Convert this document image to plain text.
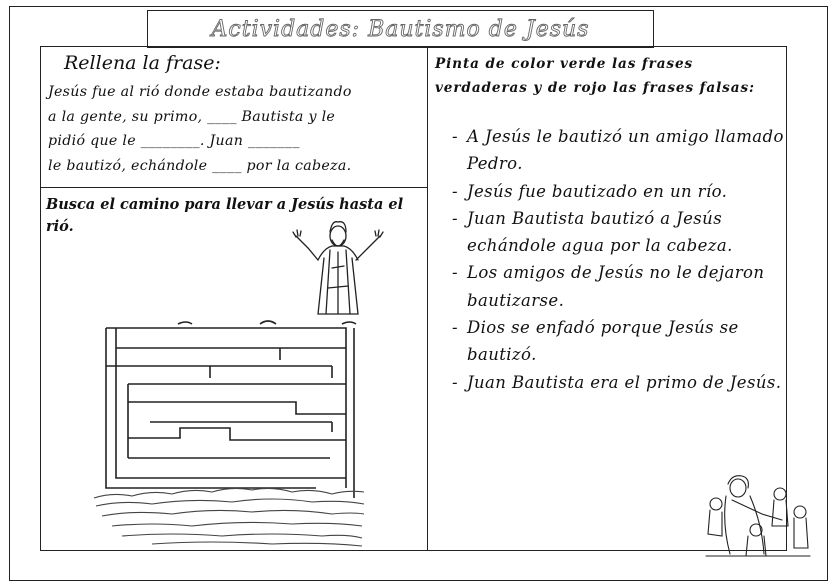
Actividades: Bautismo de Jesús
Rellena la frase:
Jesús fue al rió donde estaba bautizando
a la gente, su primo, ____ Bautista y le
pidió que le ________. Juan _______
le bautizó, echándole ____ por la cabeza.
Busca el camino para llevar a Jesús hasta el rió.
Pinta de color verde las frases verdaderas y de rojo las frases falsas:
- A Jesús le bautizó un amigo llamado Pedro.
- Jesús fue bautizado en un río.
- Juan Bautista bautizó a Jesús echándole agua por la cabeza.
- Los amigos de Jesús no le dejaron bautizarse.
- Dios se enfadó porque Jesús se bautizó.
- Juan Bautista era el primo de Jesús.
